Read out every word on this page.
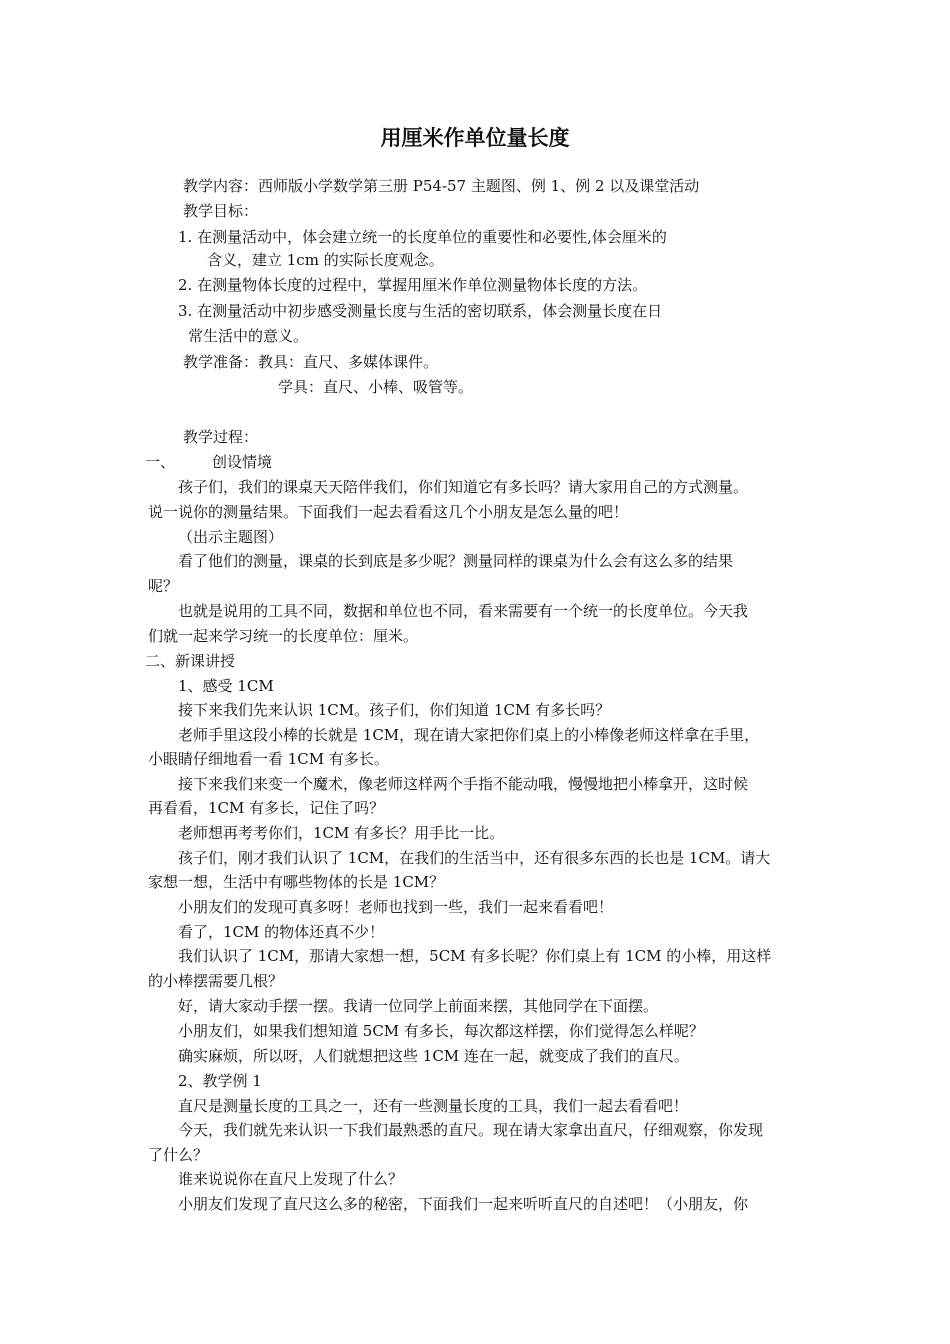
用厘米作单位量长度
教学内容：西师版小学数学第三册 P54-57 主题图、例 1、例 2 以及课堂活动
教学目标：
1. 在测量活动中，体会建立统一的长度单位的重要性和必要性,体会厘米的
含义，建立 1cm 的实际长度观念。
2. 在测量物体长度的过程中，掌握用厘米作单位测量物体长度的方法。
3. 在测量活动中初步感受测量长度与生活的密切联系，体会测量长度在日
常生活中的意义。
教学准备：教具：直尺、多媒体课件。
学具：直尺、小棒、吸管等。
教学过程：
一、 创设情境
孩子们，我们的课桌天天陪伴我们，你们知道它有多长吗？请大家用自己的方式测量。
说一说你的测量结果。下面我们一起去看看这几个小朋友是怎么量的吧！
（出示主题图）
看了他们的测量，课桌的长到底是多少呢？测量同样的课桌为什么会有这么多的结果
呢？
也就是说用的工具不同，数据和单位也不同，看来需要有一个统一的长度单位。今天我
们就一起来学习统一的长度单位：厘米。
二、新课讲授
1、感受 1CM
接下来我们先来认识 1CM。孩子们，你们知道 1CM 有多长吗？
老师手里这段小棒的长就是 1CM，现在请大家把你们桌上的小棒像老师这样拿在手里，
小眼睛仔细地看一看 1CM 有多长。
接下来我们来变一个魔术，像老师这样两个手指不能动哦，慢慢地把小棒拿开，这时候
再看看，1CM 有多长，记住了吗？
老师想再考考你们，1CM 有多长？用手比一比。
孩子们，刚才我们认识了 1CM，在我们的生活当中，还有很多东西的长也是 1CM。请大
家想一想，生活中有哪些物体的长是 1CM？
小朋友们的发现可真多呀！老师也找到一些，我们一起来看看吧！
看了，1CM 的物体还真不少！
我们认识了 1CM，那请大家想一想，5CM 有多长呢？你们桌上有 1CM 的小棒，用这样
的小棒摆需要几根？
好，请大家动手摆一摆。我请一位同学上前面来摆，其他同学在下面摆。
小朋友们，如果我们想知道 5CM 有多长，每次都这样摆，你们觉得怎么样呢？
确实麻烦，所以呀，人们就想把这些 1CM 连在一起，就变成了我们的直尺。
2、教学例 1
直尺是测量长度的工具之一，还有一些测量长度的工具，我们一起去看看吧！
今天，我们就先来认识一下我们最熟悉的直尺。现在请大家拿出直尺，仔细观察，你发现
了什么？
谁来说说你在直尺上发现了什么？
小朋友们发现了直尺这么多的秘密，下面我们一起来听听直尺的自述吧！（小朋友，你
